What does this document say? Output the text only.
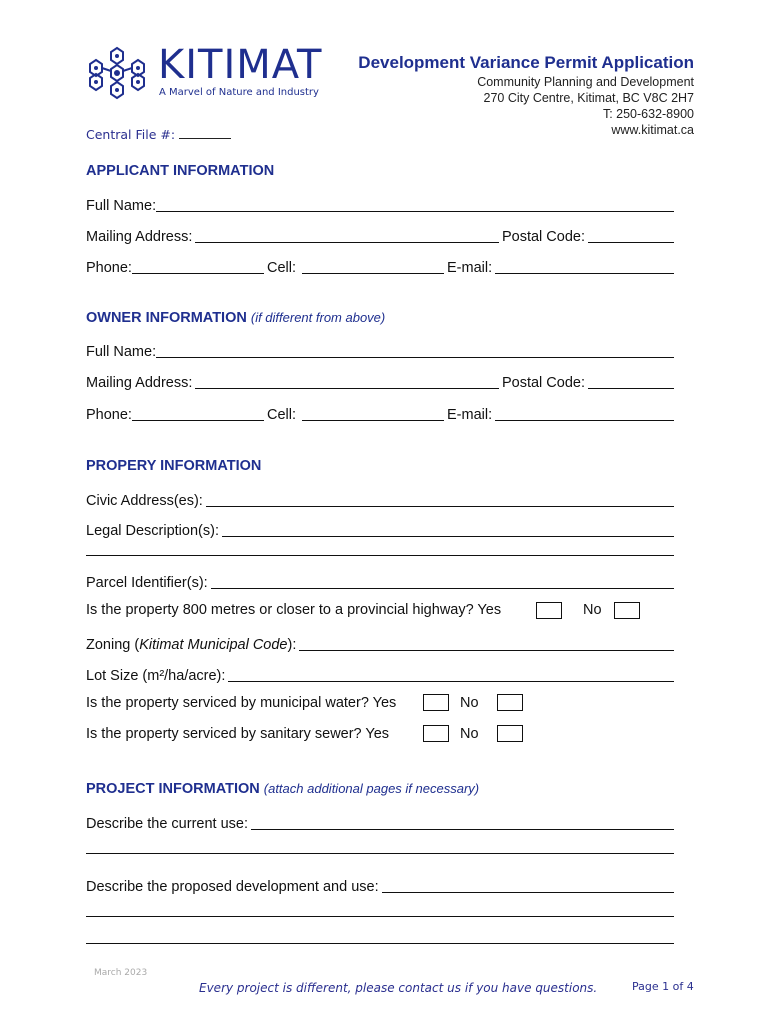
KITIMAT
A Marvel of Nature and Industry
Development Variance Permit Application
Community Planning and Development
270 City Centre, Kitimat, BC V8C 2H7
T: 250-632-8900
www.kitimat.ca
Central File #:
APPLICANT INFORMATION
Full Name:
Mailing Address:	Postal Code:
Phone:	Cell:	E-mail:
OWNER INFORMATION (if different from above)
Full Name:
Mailing Address:	Postal Code:
Phone:	Cell:	E-mail:
PROPERY INFORMATION
Civic Address(es):
Legal Description(s):
Parcel Identifier(s):
Is the property 800 metres or closer to a provincial highway? Yes	No
Zoning (Kitimat Municipal Code):
Lot Size (m²/ha/acre):
Is the property serviced by municipal water? Yes	No
Is the property serviced by sanitary sewer? Yes	No
PROJECT INFORMATION (attach additional pages if necessary)
Describe the current use:
Describe the proposed development and use:
March 2023
Every project is different, please contact us if you have questions.	Page 1 of 4
